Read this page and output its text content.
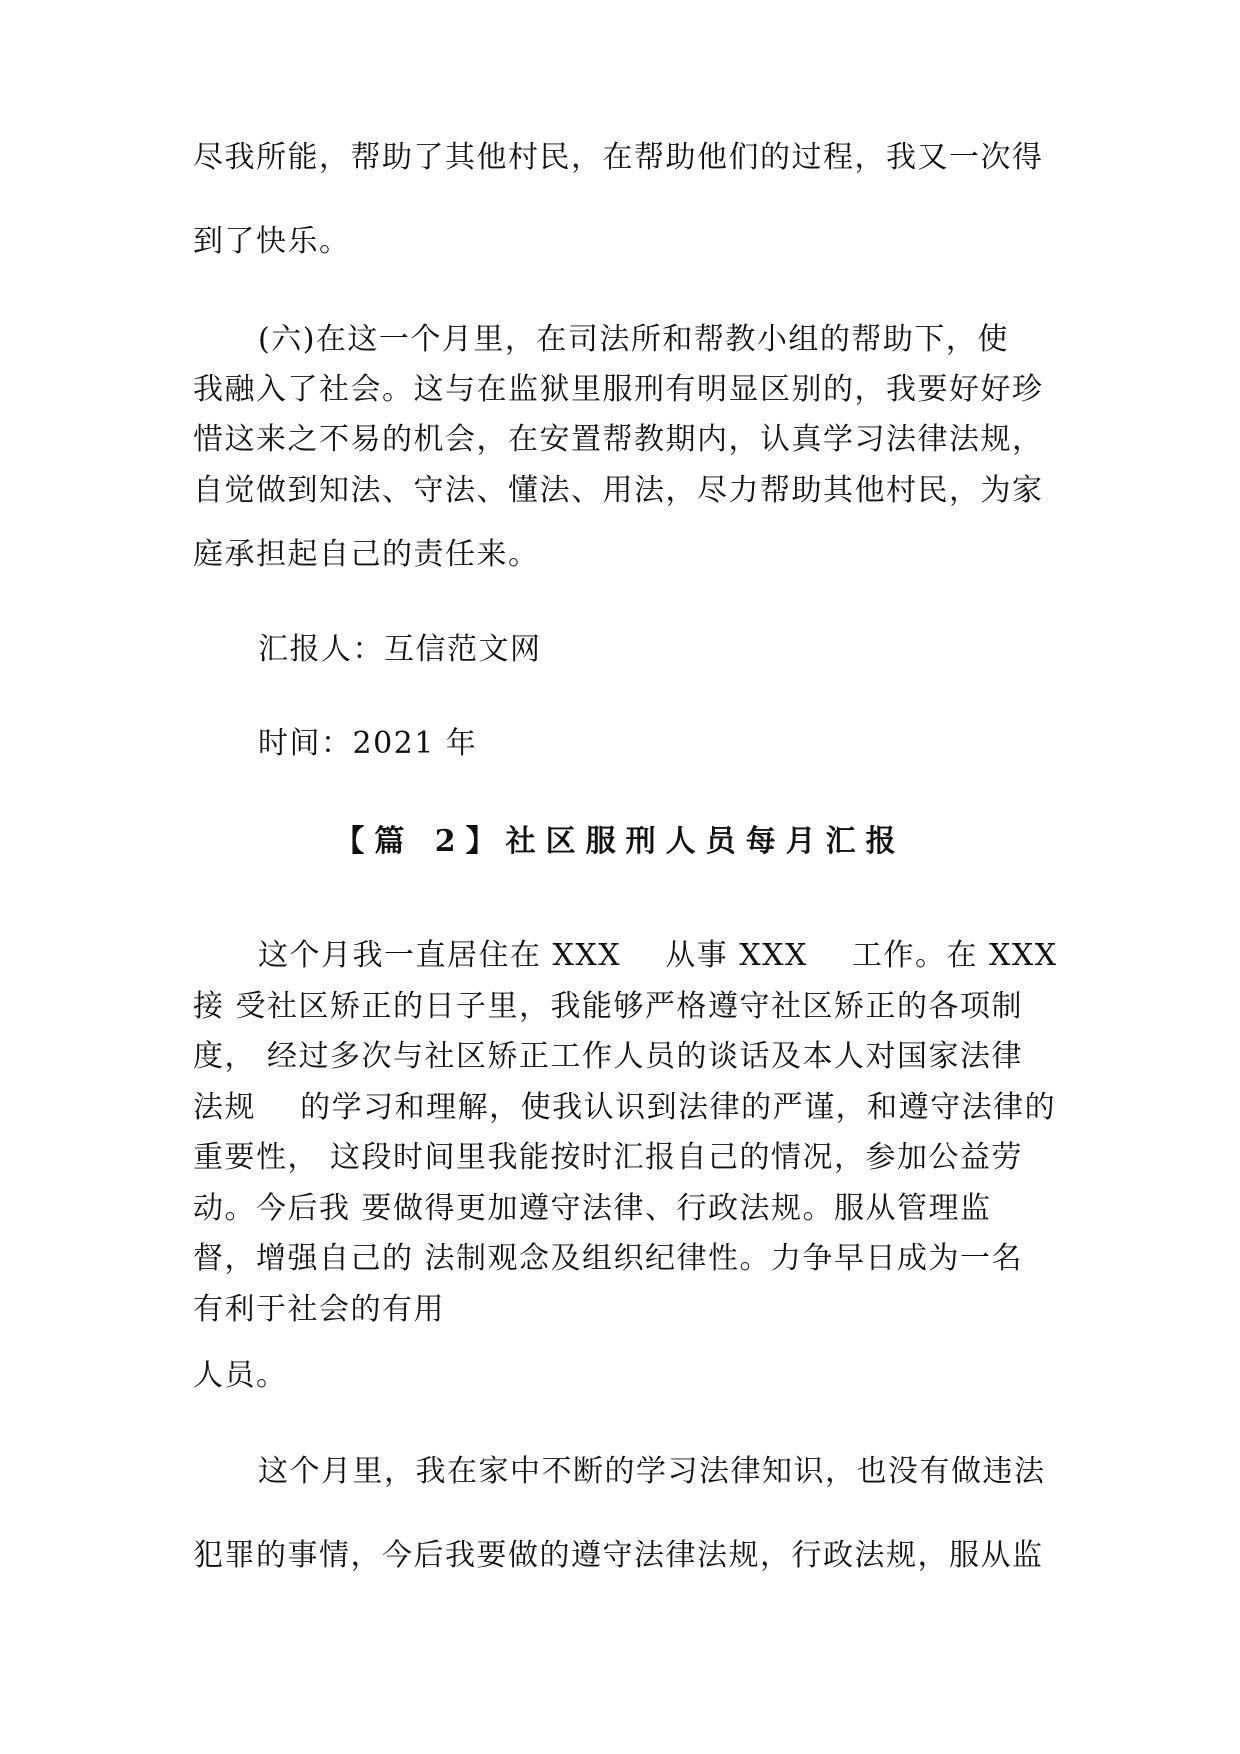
尽我所能，帮助了其他村民，在帮助他们的过程，我又一次得
到了快乐。
(六)在这一个月里，在司法所和帮教小组的帮助下，使
我融入了社会。这与在监狱里服刑有明显区别的，我要好好珍
惜这来之不易的机会，在安置帮教期内，认真学习法律法规，
自觉做到知法、守法、懂法、用法，尽力帮助其他村民，为家
庭承担起自己的责任来。
汇报人：互信范文网
时间：2021 年
【篇 2】社区服刑人员每月汇报
这个月我一直居住在 XXX    从事 XXX    工作。在 XXX
接 受社区矫正的日子里，我能够严格遵守社区矫正的各项制
度， 经过多次与社区矫正工作人员的谈话及本人对国家法律
法规    的学习和理解，使我认识到法律的严谨，和遵守法律的
重要性， 这段时间里我能按时汇报自己的情况，参加公益劳
动。今后我 要做得更加遵守法律、行政法规。服从管理监
督，增强自己的 法制观念及组织纪律性。力争早日成为一名
有利于社会的有用
人员。
这个月里，我在家中不断的学习法律知识，也没有做违法
犯罪的事情，今后我要做的遵守法律法规，行政法规，服从监
